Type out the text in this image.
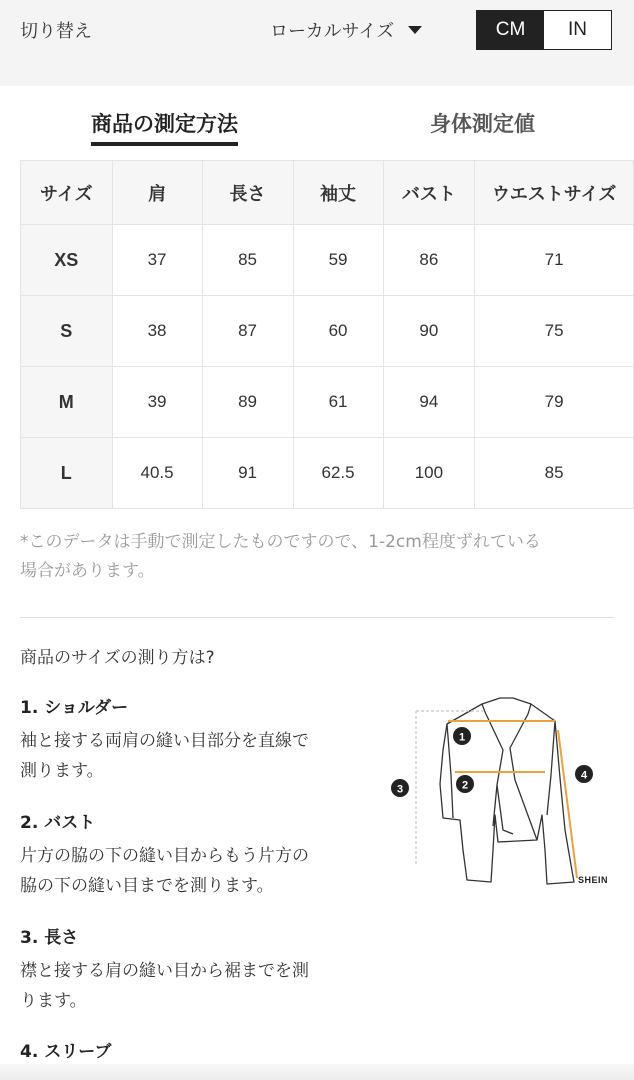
切り替え	ローカルサイズ	CM	IN
商品の測定方法	身体測定値
サイズ	肩	長さ	袖丈	バスト	ウエストサイズ
XS	37	85	59	86	71
S	38	87	60	90	75
M	39	89	61	94	79
L	40.5	91	62.5	100	85
*このデータは手動で測定したものですので、1-2cm程度ずれている
場合があります。
商品のサイズの測り方は?
1. ショルダー
袖と接する両肩の縫い目部分を直線で
測ります。
2. バスト
片方の脇の下の縫い目からもう片方の
脇の下の縫い目までを測ります。
3. 長さ
襟と接する肩の縫い目から裾までを測
ります。
4. スリーブ
1
2
3
4
SHEIN
